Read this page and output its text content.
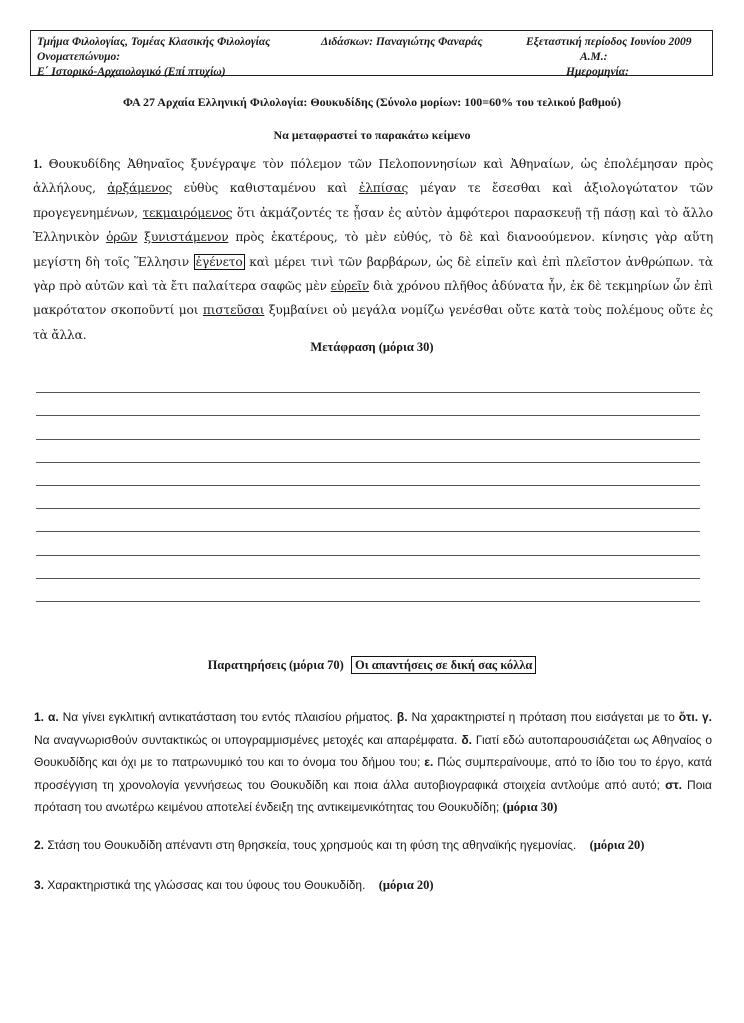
Τμήμα Φιλολογίας, Τομέας Κλασικής Φιλολογίας
Ονοματεπώνυμο:
Ε΄ Ιστορικό-Αρχαιολογικό (Επί πτυχίω)
Διδάσκων: Παναγιώτης Φαναράς	Εξεταστική περίοδος Ιουνίου 2009
Α.Μ.:
Ημερομηνία:
ΦΑ 27 Αρχαία Ελληνική Φιλολογία: Θουκυδίδης (Σύνολο μορίων: 100=60% του τελικού βαθμού)
Να μεταφραστεί το παρακάτω κείμενο
1. Θουκυδίδης Ἀθηναῖος ξυνέγραψε τὸν πόλεμον τῶν Πελοποννησίων καὶ Ἀθηναίων, ὡς ἐπολέμησαν πρὸς ἀλλήλους, ἀρξάμενος εὐθὺς καθισταμένου καὶ ἐλπίσας μέγαν τε ἔσεσθαι καὶ ἀξιολογώτατον τῶν προγεγενημένων, τεκμαιρόμενος ὅτι ἀκμάζοντές τε ᾖσαν ἐς αὐτὸν ἀμφότεροι παρασκευῇ τῇ πάσῃ καὶ τὸ ἄλλο Ἑλληνικὸν ὁρῶν ξυνιστάμενον πρὸς ἑκατέρους, τὸ μὲν εὐθύς, τὸ δὲ καὶ διανοούμενον. κίνησις γὰρ αὕτη μεγίστη δὴ τοῖς Ἕλλησιν ἐγένετο καὶ μέρει τινὶ τῶν βαρβάρων, ὡς δὲ εἰπεῖν καὶ ἐπὶ πλεῖστον ἀνθρώπων. τὰ γὰρ πρὸ αὐτῶν καὶ τὰ ἔτι παλαίτερα σαφῶς μὲν εὑρεῖν διὰ χρόνου πλῆθος ἀδύνατα ἦν, ἐκ δὲ τεκμηρίων ὧν ἐπὶ μακρότατον σκοποῦντί μοι πιστεῦσαι ξυμβαίνει οὐ μεγάλα νομίζω γενέσθαι οὔτε κατὰ τοὺς πολέμους οὔτε ἐς τὰ ἄλλα.
Μετάφραση (μόρια 30)
Παρατηρήσεις (μόρια 70) Οι απαντήσεις σε δική σας κόλλα
1. α. Να γίνει εγκλιτική αντικατάσταση του εντός πλαισίου ρήματος. β. Να χαρακτηριστεί η πρόταση που εισάγεται με το ὅτι. γ. Να αναγνωρισθούν συντακτικώς οι υπογραμμισμένες μετοχές και απαρέμφατα. δ. Γιατί εδώ αυτοπαρουσιάζεται ως Αθηναίος ο Θουκυδίδης και όχι με το πατρωνυμικό του και το όνομα του δήμου του; ε. Πώς συμπεραίνουμε, από το ίδιο του το έργο, κατά προσέγγιση τη χρονολογία γεννήσεως του Θουκυδίδη και ποια άλλα αυτοβιογραφικά στοιχεία αντλούμε από αυτό; στ. Ποια πρόταση του ανωτέρω κειμένου αποτελεί ένδειξη της αντικειμενικότητας του Θουκυδίδη; (μόρια 30)
2. Στάση του Θουκυδίδη απέναντι στη θρησκεία, τους χρησμούς και τη φύση της αθηναϊκής ηγεμονίας. (μόρια 20)
3. Χαρακτηριστικά της γλώσσας και του ύφους του Θουκυδίδη. (μόρια 20)
